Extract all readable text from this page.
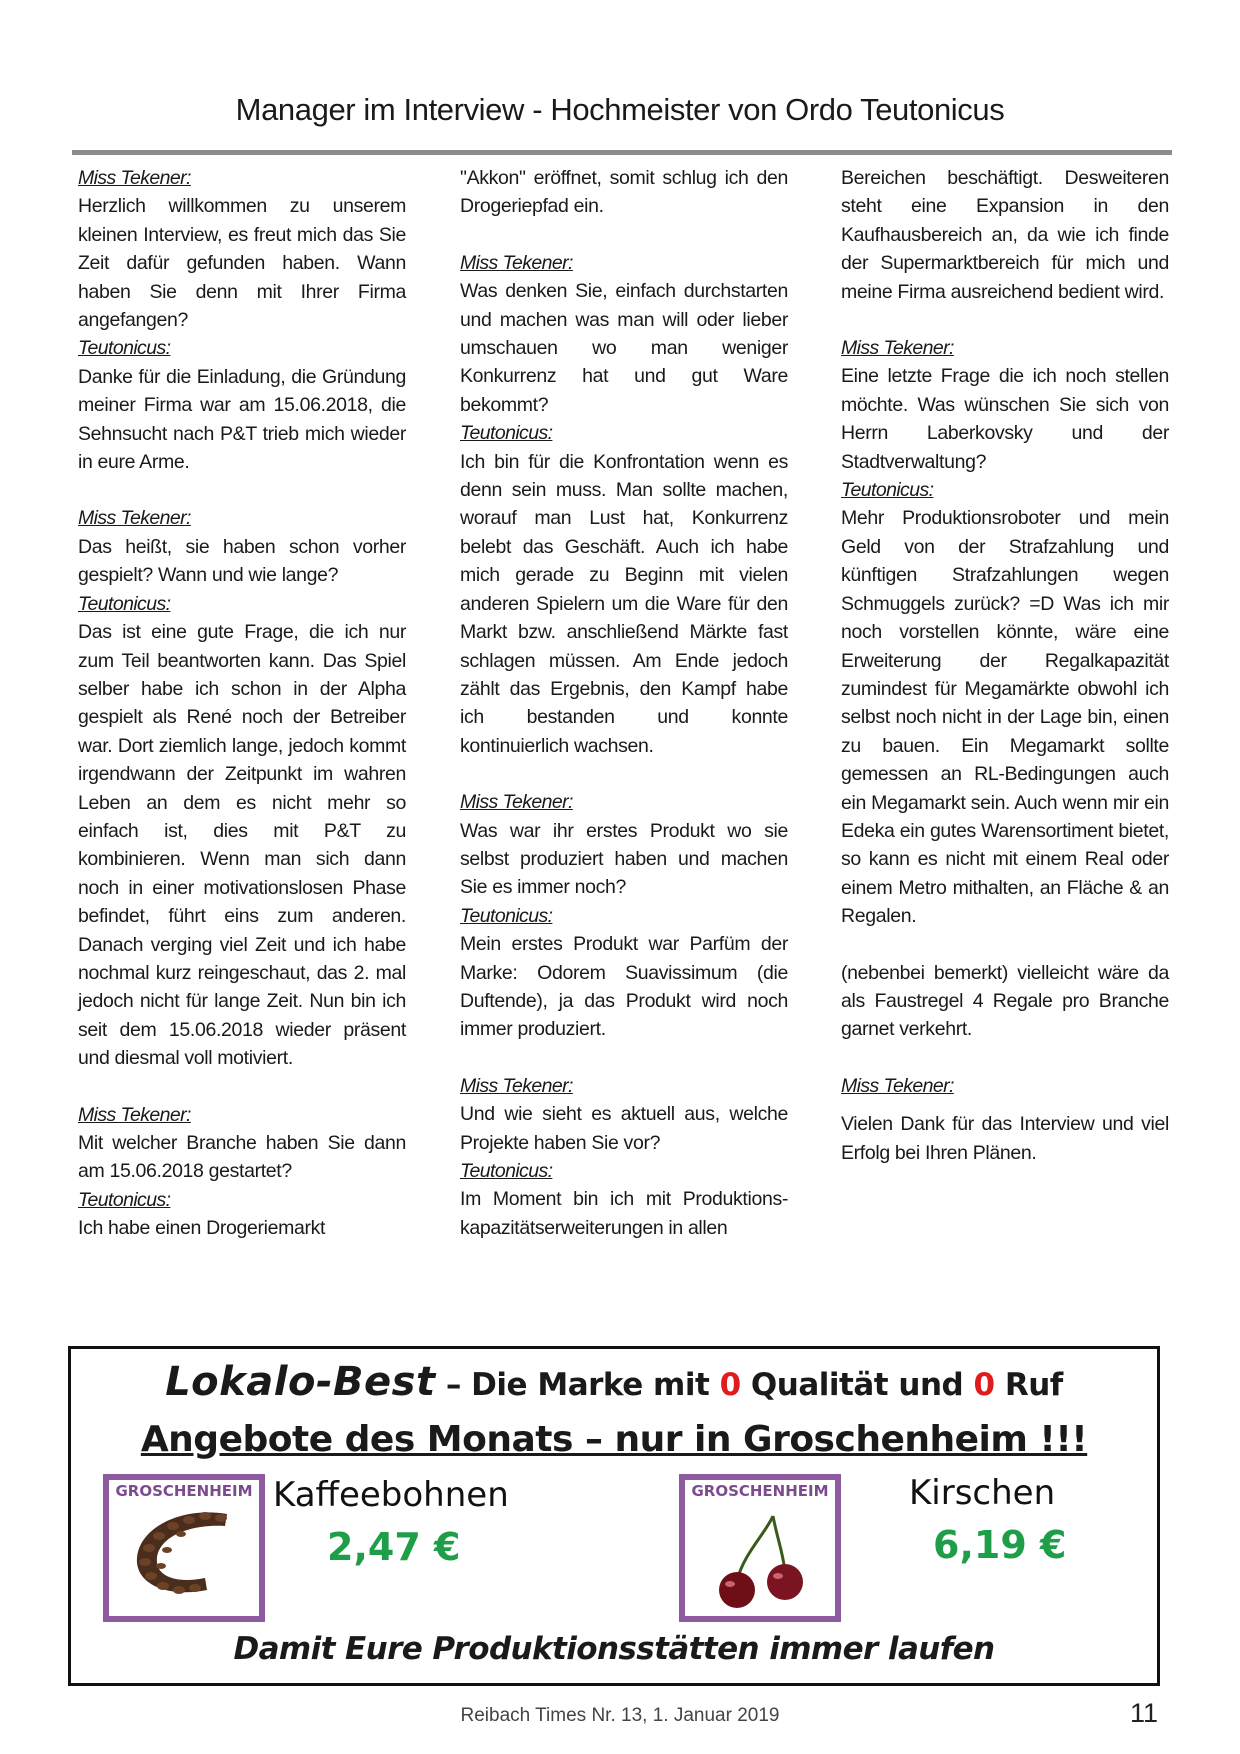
Manager im Interview - Hochmeister von Ordo Teutonicus
Miss Tekener:

Herzlich willkommen zu unserem kleinen Interview, es freut mich das Sie Zeit dafür gefunden haben. Wann haben Sie denn mit Ihrer Firma angefangen?

Teutonicus:

Danke für die Einladung, die Gründung meiner Firma war am 15.06.2018, die Sehnsucht nach P&T trieb mich wieder in eure Arme.

Miss Tekener:

Das heißt, sie haben schon vorher gespielt? Wann und wie lange?

Teutonicus:

Das ist eine gute Frage, die ich nur zum Teil beantworten kann. Das Spiel selber habe ich schon in der Alpha gespielt als René noch der Betreiber war. Dort ziemlich lange, jedoch kommt irgendwann der Zeitpunkt im wahren Leben an dem es nicht mehr so einfach ist, dies mit P&T zu kombinieren. Wenn man sich dann noch in einer motivationslosen Phase befindet, führt eins zum anderen. Danach verging viel Zeit und ich habe nochmal kurz reingeschaut, das 2. mal jedoch nicht für lange Zeit. Nun bin ich seit dem 15.06.2018 wieder präsent und diesmal voll motiviert.

Miss Tekener:

Mit welcher Branche haben Sie dann am 15.06.2018 gestartet?

Teutonicus:

Ich habe einen Drogeriemarkt

"Akkon" eröffnet, somit schlug ich den Drogeriepfad ein.

Miss Tekener:

Was denken Sie, einfach durchstarten und machen was man will oder lieber umschauen wo man weniger Konkurrenz hat und gut Ware bekommt?

Teutonicus:

Ich bin für die Konfrontation wenn es denn sein muss. Man sollte machen, worauf man Lust hat, Konkurrenz belebt das Geschäft. Auch ich habe mich gerade zu Beginn mit vielen anderen Spielern um die Ware für den Markt bzw. anschließend Märkte fast schlagen müssen. Am Ende jedoch zählt das Ergebnis, den Kampf habe ich bestanden und konnte kontinuierlich wachsen.

Miss Tekener:

Was war ihr erstes Produkt wo sie selbst produziert haben und machen Sie es immer noch?

Teutonicus:

Mein erstes Produkt war Parfüm der Marke: Odorem Suavissimum (die Duftende), ja das Produkt wird noch immer produziert.

Miss Tekener:

Und wie sieht es aktuell aus, welche Projekte haben Sie vor?

Teutonicus:

Im Moment bin ich mit Produktions-kapazitätserweiterungen in allen

Bereichen beschäftigt. Desweiteren steht eine Expansion in den Kaufhausbereich an, da wie ich finde der Supermarktbereich für mich und meine Firma ausreichend bedient wird.

Miss Tekener:

Eine letzte Frage die ich noch stellen möchte. Was wünschen Sie sich von Herrn Laberkovsky und der Stadtverwaltung?

Teutonicus:

Mehr Produktionsroboter und mein Geld von der Strafzahlung und künftigen Strafzahlungen wegen Schmuggels zurück? =D Was ich mir noch vorstellen könnte, wäre eine Erweiterung der Regalkapazität zumindest für Megamärkte obwohl ich selbst noch nicht in der Lage bin, einen zu bauen. Ein Megamarkt sollte gemessen an RL-Bedingungen auch ein Megamarkt sein. Auch wenn mir ein Edeka ein gutes Warensortiment bietet, so kann es nicht mit einem Real oder einem Metro mithalten, an Fläche & an Regalen.

(nebenbei bemerkt) vielleicht wäre da als Faustregel 4 Regale pro Branche garnet verkehrt.

Miss Tekener:

Vielen Dank für das Interview und viel Erfolg bei Ihren Plänen.

Lokalo-Best – Die Marke mit 0 Qualität und 0 Ruf
Angebote des Monats – nur in Groschenheim !!!
GROSCHENHEIM Kaffeebohnen
2,47 €
GROSCHENHEIM Kirschen
6,19 €
Damit Eure Produktionsstätten immer laufen
Reibach Times Nr. 13, 1. Januar 2019	11
